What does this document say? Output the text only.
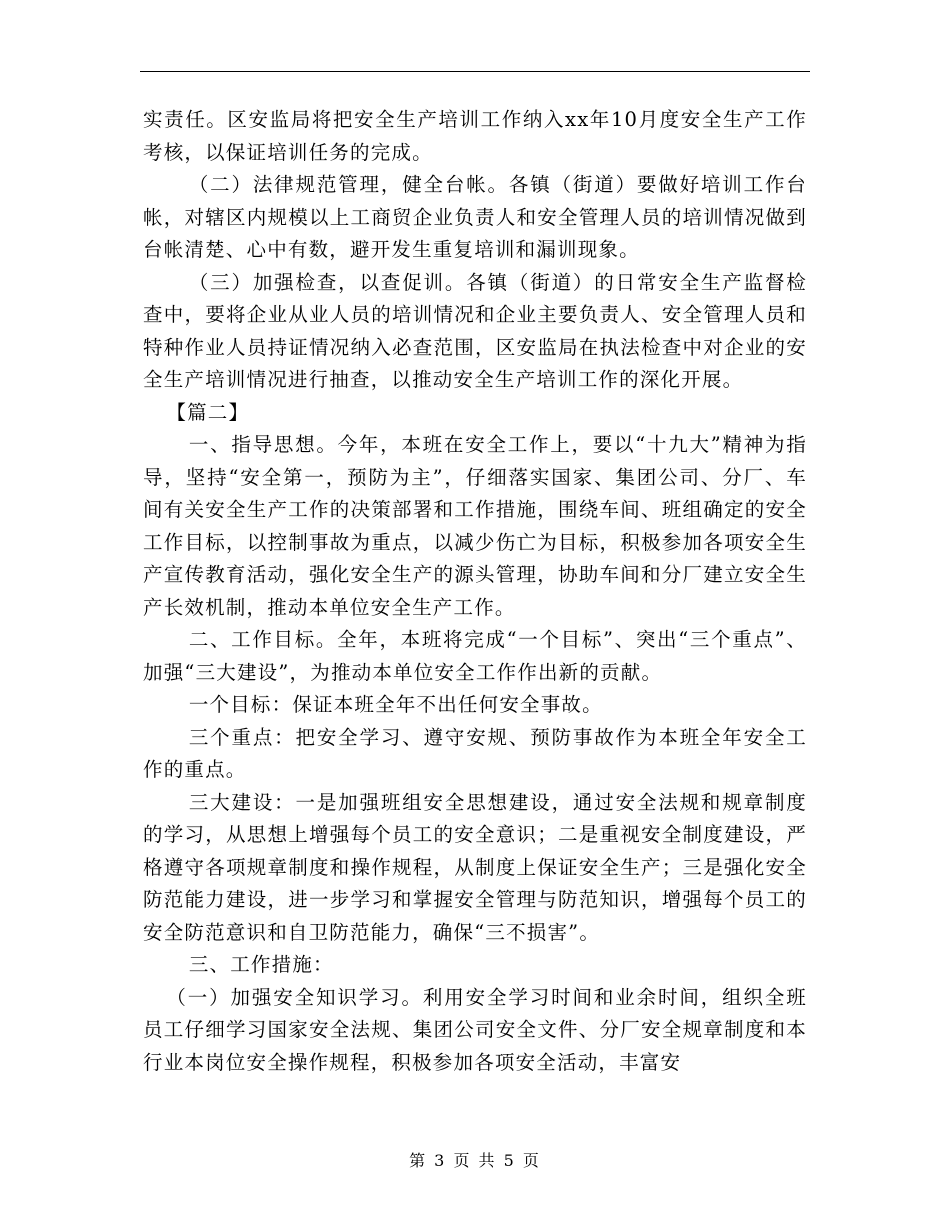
实责任。区安监局将把安全生产培训工作纳入xx年10月度安全生产工作考核，以保证培训任务的完成。

（二）法律规范管理，健全台帐。各镇（街道）要做好培训工作台帐，对辖区内规模以上工商贸企业负责人和安全管理人员的培训情况做到台帐清楚、心中有数，避开发生重复培训和漏训现象。

（三）加强检查，以查促训。各镇（街道）的日常安全生产监督检查中，要将企业从业人员的培训情况和企业主要负责人、安全管理人员和特种作业人员持证情况纳入必查范围，区安监局在执法检查中对企业的安全生产培训情况进行抽查，以推动安全生产培训工作的深化开展。

【篇二】

一、指导思想。今年，本班在安全工作上，要以“十九大”精神为指导，坚持“安全第一，预防为主”，仔细落实国家、集团公司、分厂、车间有关安全生产工作的决策部署和工作措施，围绕车间、班组确定的安全工作目标，以控制事故为重点，以减少伤亡为目标，积极参加各项安全生产宣传教育活动，强化安全生产的源头管理，协助车间和分厂建立安全生产长效机制，推动本单位安全生产工作。

二、工作目标。全年，本班将完成“一个目标”、突出“三个重点”、加强“三大建设”，为推动本单位安全工作作出新的贡献。

一个目标：保证本班全年不出任何安全事故。

三个重点：把安全学习、遵守安规、预防事故作为本班全年安全工作的重点。

三大建设：一是加强班组安全思想建设，通过安全法规和规章制度的学习，从思想上增强每个员工的安全意识；二是重视安全制度建设，严格遵守各项规章制度和操作规程，从制度上保证安全生产；三是强化安全防范能力建设，进一步学习和掌握安全管理与防范知识，增强每个员工的安全防范意识和自卫防范能力，确保“三不损害”。

三、工作措施：

（一）加强安全知识学习。利用安全学习时间和业余时间，组织全班员工仔细学习国家安全法规、集团公司安全文件、分厂安全规章制度和本行业本岗位安全操作规程，积极参加各项安全活动，丰富安

第 3 页 共 5 页
